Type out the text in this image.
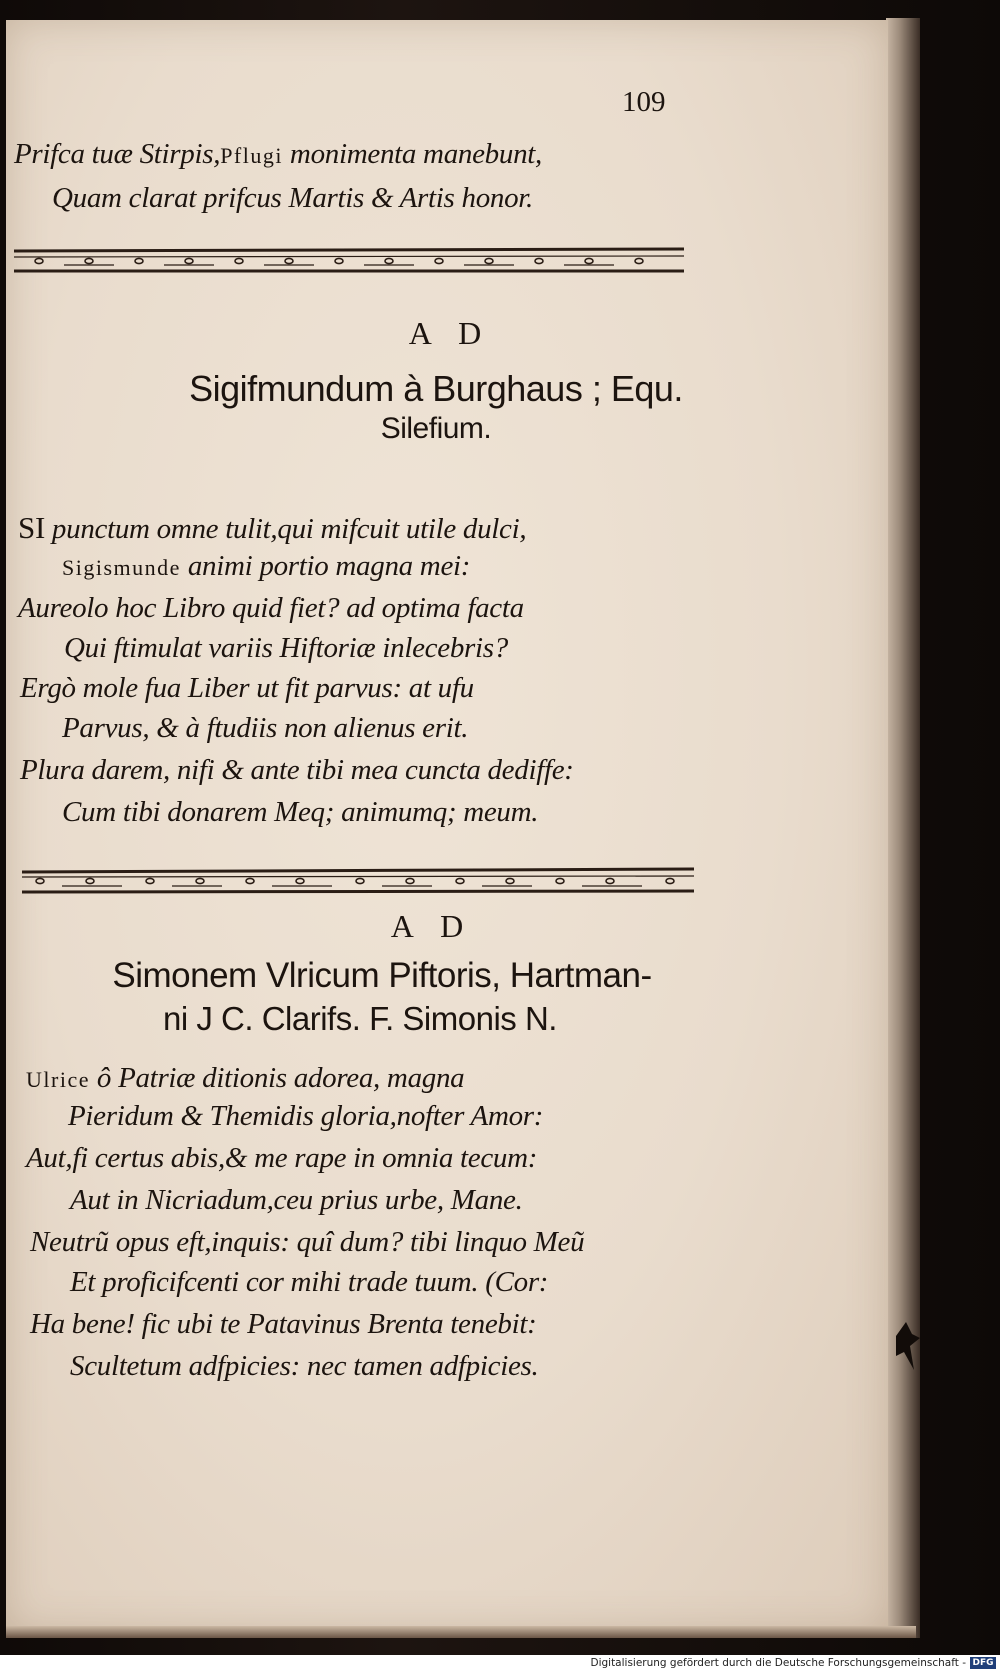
109
Prifca tuæ Stirpis,Pflugi monimenta manebunt,
Quam clarat prifcus Martis & Artis honor.
A D
Sigifmundum à Burghaus ; Equ.
Silefium.
SI punctum omne tulit,qui mifcuit utile dulci,
Sigismunde animi portio magna mei:
Aureolo hoc Libro quid fiet? ad optima facta
Qui ftimulat variis Hiftoriæ inlecebris?
Ergò mole fua Liber ut fit parvus: at ufu
Parvus, & à ftudiis non alienus erit.
Plura darem, nifi & ante tibi mea cuncta dediffe:
Cum tibi donarem Meq; animumq; meum.
A D
Simonem Vlricum Piftoris, Hartman-
ni J C. Clarifs. F. Simonis N.
Ulrice ô Patriæ ditionis adorea, magna
Pieridum & Themidis gloria,nofter Amor:
Aut,fi certus abis,& me rape in omnia tecum:
Aut in Nicriadum,ceu prius urbe, Mane.
Neutrũ opus eft,inquis: quî dum? tibi linquo Meũ
Et proficifcenti cor mihi trade tuum. (Cor:
Ha bene! fic ubi te Patavinus Brenta tenebit:
Scultetum adfpicies: nec tamen adfpicies.
Digitalisierung gefördert durch die Deutsche Forschungsgemeinschaft - DFG
